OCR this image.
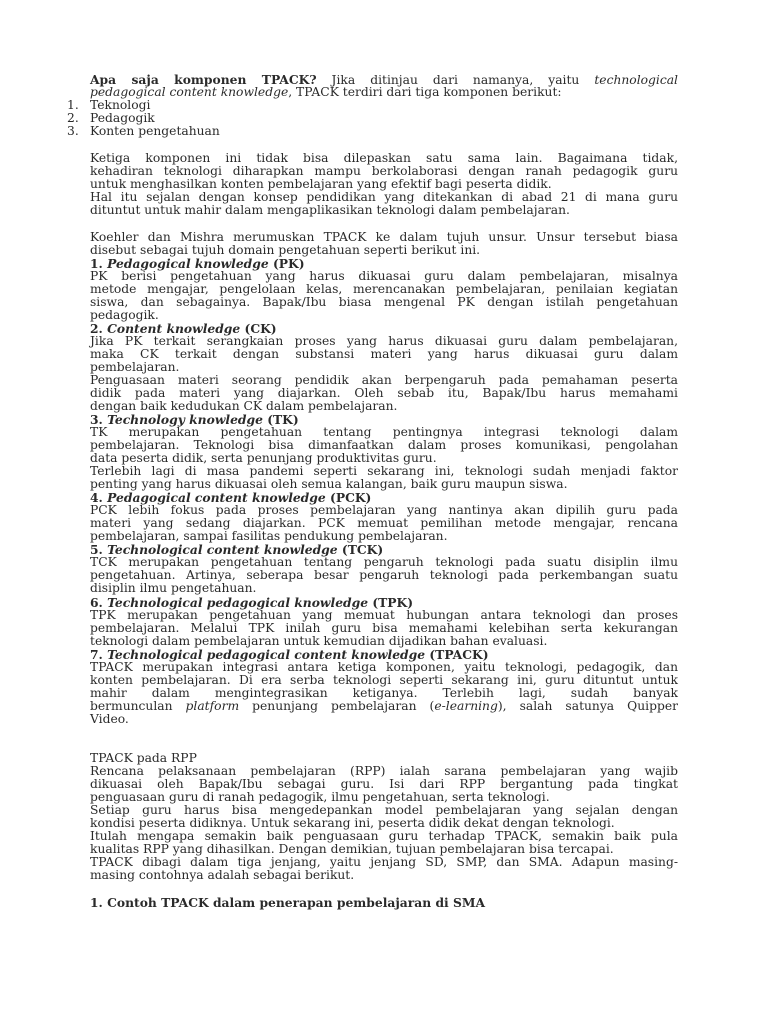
Apa saja komponen TPACK? Jika ditinjau dari namanya, yaitu technological
pedagogical content knowledge, TPACK terdiri dari tiga komponen berikut:
1. Teknologi
2. Pedagogik
3. Konten pengetahuan
Ketiga komponen ini tidak bisa dilepaskan satu sama lain. Bagaimana tidak,
kehadiran teknologi diharapkan mampu berkolaborasi dengan ranah pedagogik guru
untuk menghasilkan konten pembelajaran yang efektif bagi peserta didik.
Hal itu sejalan dengan konsep pendidikan yang ditekankan di abad 21 di mana guru
dituntut untuk mahir dalam mengaplikasikan teknologi dalam pembelajaran.
Koehler dan Mishra merumuskan TPACK ke dalam tujuh unsur. Unsur tersebut biasa
disebut sebagai tujuh domain pengetahuan seperti berikut ini.
1. Pedagogical knowledge (PK)
PK berisi pengetahuan yang harus dikuasai guru dalam pembelajaran, misalnya
metode mengajar, pengelolaan kelas, merencanakan pembelajaran, penilaian kegiatan
siswa, dan sebagainya. Bapak/Ibu biasa mengenal PK dengan istilah pengetahuan
pedagogik.
2. Content knowledge (CK)
Jika PK terkait serangkaian proses yang harus dikuasai guru dalam pembelajaran,
maka CK terkait dengan substansi materi yang harus dikuasai guru dalam
pembelajaran.
Penguasaan materi seorang pendidik akan berpengaruh pada pemahaman peserta
didik pada materi yang diajarkan. Oleh sebab itu, Bapak/Ibu harus memahami
dengan baik kedudukan CK dalam pembelajaran.
3. Technology knowledge (TK)
TK merupakan pengetahuan tentang pentingnya integrasi teknologi dalam
pembelajaran. Teknologi bisa dimanfaatkan dalam proses komunikasi, pengolahan
data peserta didik, serta penunjang produktivitas guru.
Terlebih lagi di masa pandemi seperti sekarang ini, teknologi sudah menjadi faktor
penting yang harus dikuasai oleh semua kalangan, baik guru maupun siswa.
4. Pedagogical content knowledge (PCK)
PCK lebih fokus pada proses pembelajaran yang nantinya akan dipilih guru pada
materi yang sedang diajarkan. PCK memuat pemilihan metode mengajar, rencana
pembelajaran, sampai fasilitas pendukung pembelajaran.
5. Technological content knowledge (TCK)
TCK merupakan pengetahuan tentang pengaruh teknologi pada suatu disiplin ilmu
pengetahuan. Artinya, seberapa besar pengaruh teknologi pada perkembangan suatu
disiplin ilmu pengetahuan.
6. Technological pedagogical knowledge (TPK)
TPK merupakan pengetahuan yang memuat hubungan antara teknologi dan proses
pembelajaran. Melalui TPK inilah guru bisa memahami kelebihan serta kekurangan
teknologi dalam pembelajaran untuk kemudian dijadikan bahan evaluasi.
7. Technological pedagogical content knowledge (TPACK)
TPACK merupakan integrasi antara ketiga komponen, yaitu teknologi, pedagogik, dan
konten pembelajaran. Di era serba teknologi seperti sekarang ini, guru dituntut untuk
mahir dalam mengintegrasikan ketiganya. Terlebih lagi, sudah banyak
bermunculan platform penunjang pembelajaran (e-learning), salah satunya Quipper
Video.
TPACK pada RPP
Rencana pelaksanaan pembelajaran (RPP) ialah sarana pembelajaran yang wajib
dikuasai oleh Bapak/Ibu sebagai guru. Isi dari RPP bergantung pada tingkat
penguasaan guru di ranah pedagogik, ilmu pengetahuan, serta teknologi.
Setiap guru harus bisa mengedepankan model pembelajaran yang sejalan dengan
kondisi peserta didiknya. Untuk sekarang ini, peserta didik dekat dengan teknologi.
Itulah mengapa semakin baik penguasaan guru terhadap TPACK, semakin baik pula
kualitas RPP yang dihasilkan. Dengan demikian, tujuan pembelajaran bisa tercapai.
TPACK dibagi dalam tiga jenjang, yaitu jenjang SD, SMP, dan SMA. Adapun masing-
masing contohnya adalah sebagai berikut.
1. Contoh TPACK dalam penerapan pembelajaran di SMA
